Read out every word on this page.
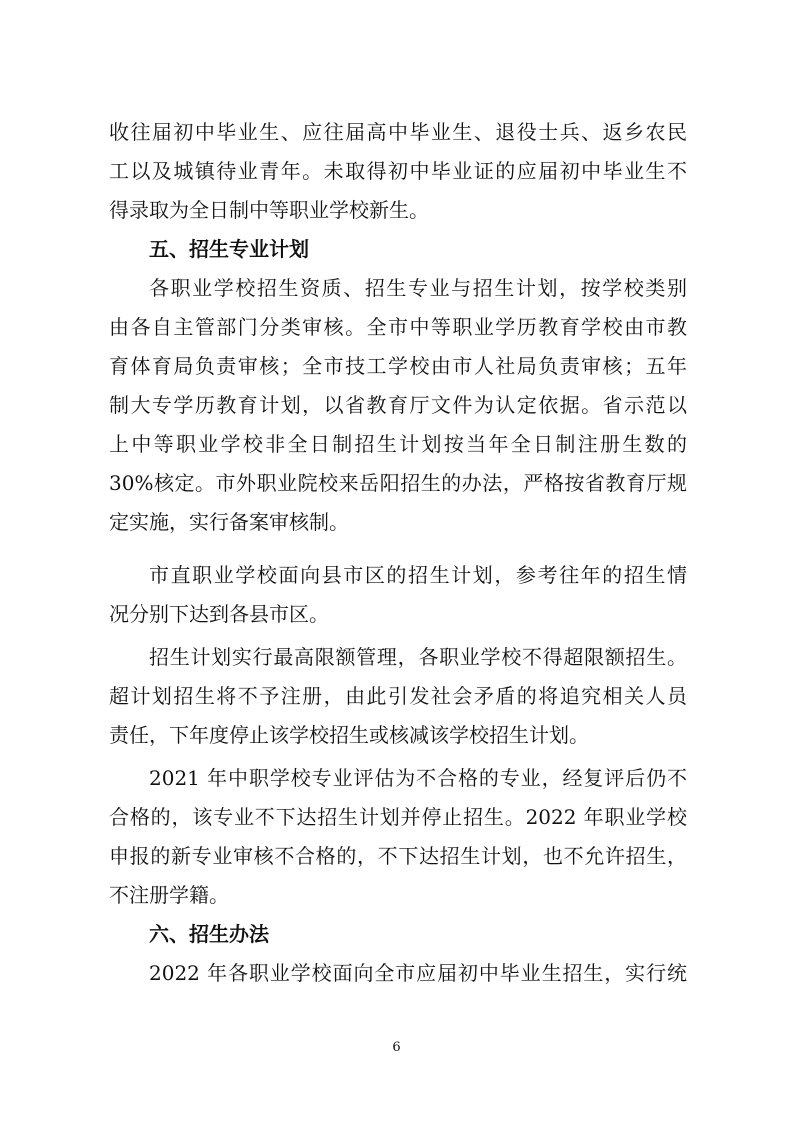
收往届初中毕业生、应往届高中毕业生、退役士兵、返乡农民
工以及城镇待业青年。未取得初中毕业证的应届初中毕业生不
得录取为全日制中等职业学校新生。
五、招生专业计划
各职业学校招生资质、招生专业与招生计划，按学校类别
由各自主管部门分类审核。全市中等职业学历教育学校由市教
育体育局负责审核；全市技工学校由市人社局负责审核；五年
制大专学历教育计划，以省教育厅文件为认定依据。省示范以
上中等职业学校非全日制招生计划按当年全日制注册生数的
30%核定。市外职业院校来岳阳招生的办法，严格按省教育厅规
定实施，实行备案审核制。
市直职业学校面向县市区的招生计划，参考往年的招生情
况分别下达到各县市区。
招生计划实行最高限额管理，各职业学校不得超限额招生。
超计划招生将不予注册，由此引发社会矛盾的将追究相关人员
责任，下年度停止该学校招生或核减该学校招生计划。
2021 年中职学校专业评估为不合格的专业，经复评后仍不
合格的，该专业不下达招生计划并停止招生。2022 年职业学校
申报的新专业审核不合格的，不下达招生计划，也不允许招生，
不注册学籍。
六、招生办法
2022 年各职业学校面向全市应届初中毕业生招生，实行统
6
